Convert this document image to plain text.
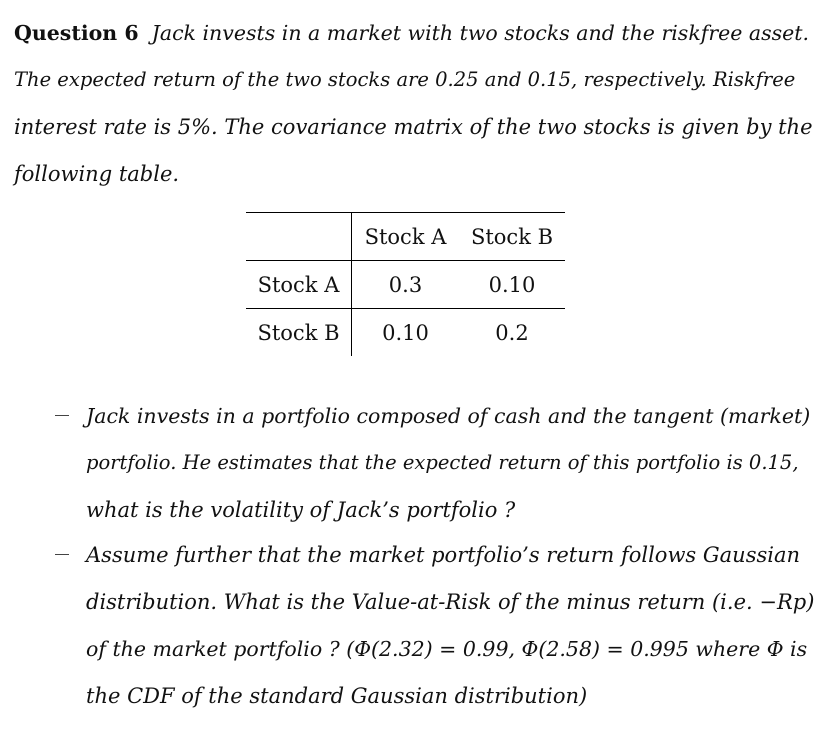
Question 6 Jack invests in a market with two stocks and the riskfree asset.
The expected return of the two stocks are 0.25 and 0.15, respectively. Riskfree
interest rate is 5%. The covariance matrix of the two stocks is given by the
following table.
	Stock A	Stock B
Stock A	0.3	0.10
Stock B	0.10	0.2
Jack invests in a portfolio composed of cash and the tangent (market)
portfolio. He estimates that the expected return of this portfolio is 0.15,
what is the volatility of Jack’s portfolio ?
Assume further that the market portfolio’s return follows Gaussian
distribution. What is the Value-at-Risk of the minus return (i.e. −Rp)
of the market portfolio ? (Φ(2.32) = 0.99, Φ(2.58) = 0.995 where Φ is
the CDF of the standard Gaussian distribution)
